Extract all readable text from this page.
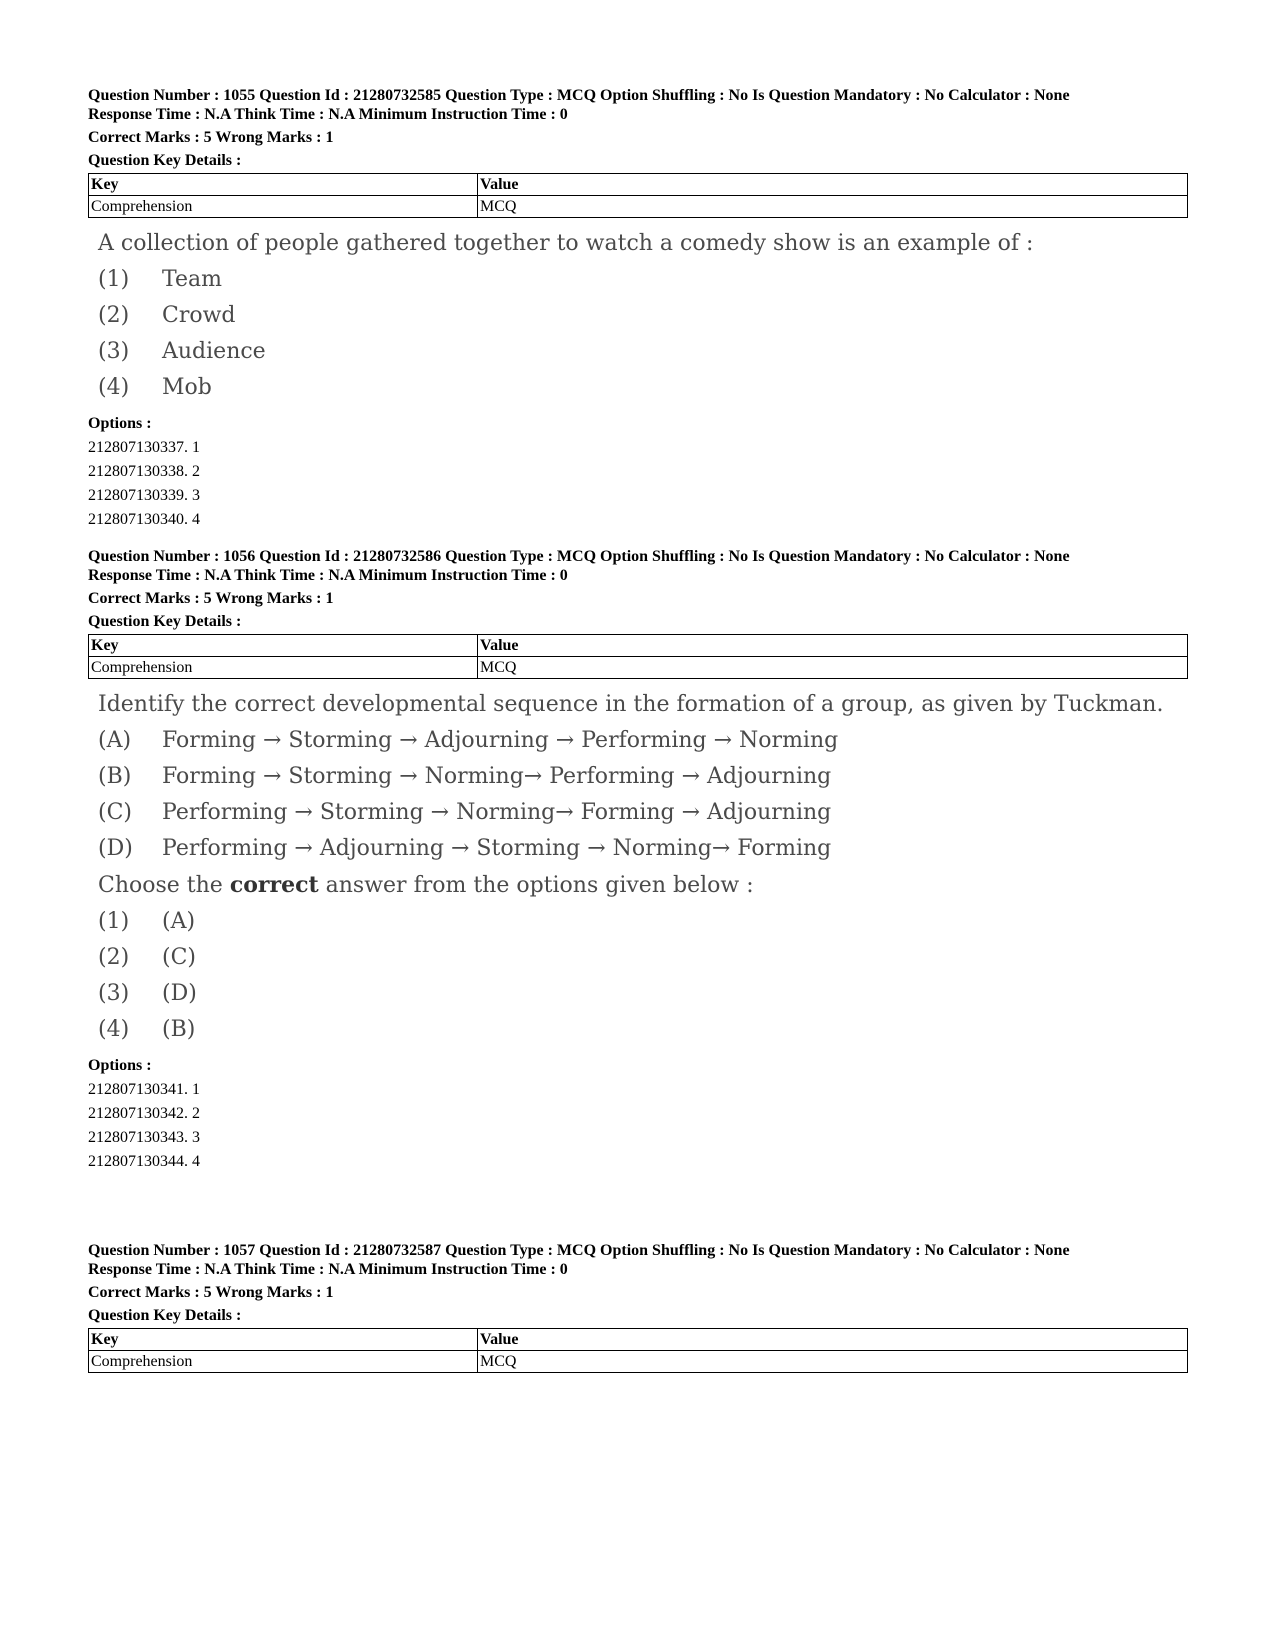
Question Number : 1055 Question Id : 21280732585 Question Type : MCQ Option Shuffling : No Is Question Mandatory : No Calculator : None

Response Time : N.A Think Time : N.A Minimum Instruction Time : 0

Correct Marks : 5 Wrong Marks : 1

Question Key Details :

Key	Value
Comprehension	MCQ
A collection of people gathered together to watch a comedy show is an example of :
(1)	Team
(2)	Crowd
(3)	Audience
(4)	Mob
Options :
212807130337. 1
212807130338. 2
212807130339. 3
212807130340. 4

Question Number : 1056 Question Id : 21280732586 Question Type : MCQ Option Shuffling : No Is Question Mandatory : No Calculator : None

Response Time : N.A Think Time : N.A Minimum Instruction Time : 0

Correct Marks : 5 Wrong Marks : 1

Question Key Details :

Key	Value
Comprehension	MCQ
Identify the correct developmental sequence in the formation of a group, as given by Tuckman.
(A)	Forming → Storming → Adjourning → Performing → Norming
(B)	Forming → Storming → Norming→ Performing → Adjourning
(C)	Performing → Storming → Norming→ Forming → Adjourning
(D)	Performing → Adjourning → Storming → Norming→ Forming
Choose the correct answer from the options given below :
(1)	(A)
(2)	(C)
(3)	(D)
(4)	(B)
Options :
212807130341. 1
212807130342. 2
212807130343. 3
212807130344. 4

Question Number : 1057 Question Id : 21280732587 Question Type : MCQ Option Shuffling : No Is Question Mandatory : No Calculator : None

Response Time : N.A Think Time : N.A Minimum Instruction Time : 0

Correct Marks : 5 Wrong Marks : 1

Question Key Details :

Key	Value
Comprehension	MCQ
